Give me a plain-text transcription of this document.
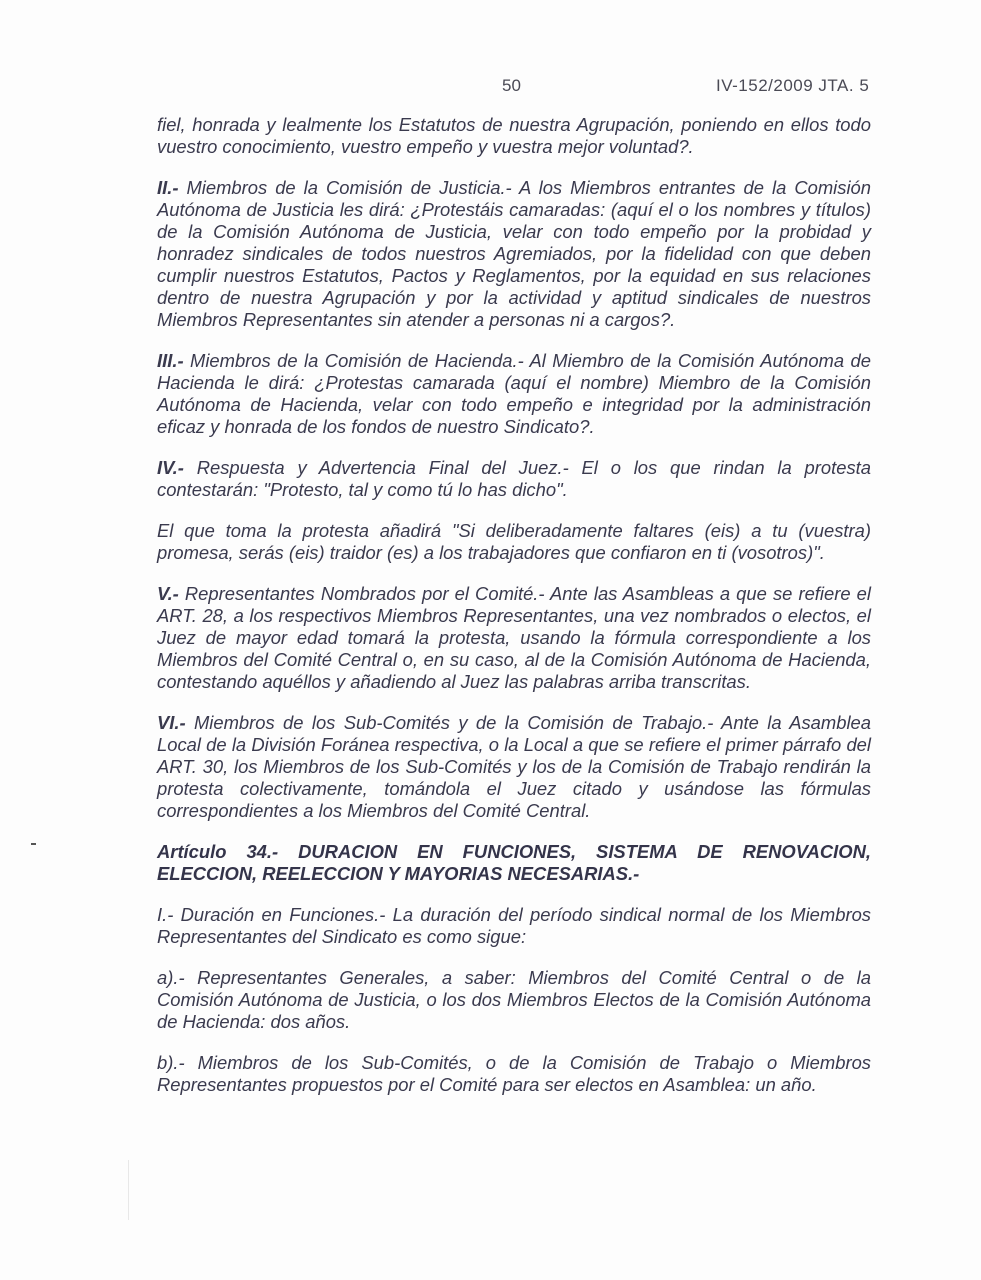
50	IV-152/2009 JTA. 5

fiel, honrada y lealmente los Estatutos de nuestra Agrupación, poniendo en ellos todo vuestro conocimiento, vuestro empeño y vuestra mejor voluntad?.

II.- Miembros de la Comisión de Justicia.- A los Miembros entrantes de la Comisión Autónoma de Justicia les dirá: ¿Protestáis camaradas: (aquí el o los nombres y títulos) de la Comisión Autónoma de Justicia, velar con todo empeño por la probidad y honradez sindicales de todos nuestros Agremiados, por la fidelidad con que deben cumplir nuestros Estatutos, Pactos y Reglamentos, por la equidad en sus relaciones dentro de nuestra Agrupación y por la actividad y aptitud sindicales de nuestros Miembros Representantes sin atender a personas ni a cargos?.

III.- Miembros de la Comisión de Hacienda.- Al Miembro de la Comisión Autónoma de Hacienda le dirá: ¿Protestas camarada (aquí el nombre) Miembro de la Comisión Autónoma de Hacienda, velar con todo empeño e integridad por la administración eficaz y honrada de los fondos de nuestro Sindicato?.

IV.- Respuesta y Advertencia Final del Juez.- El o los que rindan la protesta contestarán: "Protesto, tal y como tú lo has dicho".

El que toma la protesta añadirá "Si deliberadamente faltares (eis) a tu (vuestra) promesa, serás (eis) traidor (es) a los trabajadores que confiaron en ti (vosotros)".

V.- Representantes Nombrados por el Comité.- Ante las Asambleas a que se refiere el ART. 28, a los respectivos Miembros Representantes, una vez nombrados o electos, el Juez de mayor edad tomará la protesta, usando la fórmula correspondiente a los Miembros del Comité Central o, en su caso, al de la Comisión Autónoma de Hacienda, contestando aquéllos y añadiendo al Juez las palabras arriba transcritas.

VI.- Miembros de los Sub-Comités y de la Comisión de Trabajo.- Ante la Asamblea Local de la División Foránea respectiva, o la Local a que se refiere el primer párrafo del ART. 30, los Miembros de los Sub-Comités y los de la Comisión de Trabajo rendirán la protesta colectivamente, tomándola el Juez citado y usándose las fórmulas correspondientes a los Miembros del Comité Central.

Artículo 34.- DURACION EN FUNCIONES, SISTEMA DE RENOVACION, ELECCION, REELECCION Y MAYORIAS NECESARIAS.-

I.- Duración en Funciones.- La duración del período sindical normal de los Miembros Representantes del Sindicato es como sigue:

a).- Representantes Generales, a saber: Miembros del Comité Central o de la Comisión Autónoma de Justicia, o los dos Miembros Electos de la Comisión Autónoma de Hacienda: dos años.

b).- Miembros de los Sub-Comités, o de la Comisión de Trabajo o Miembros Representantes propuestos por el Comité para ser electos en Asamblea: un año.
